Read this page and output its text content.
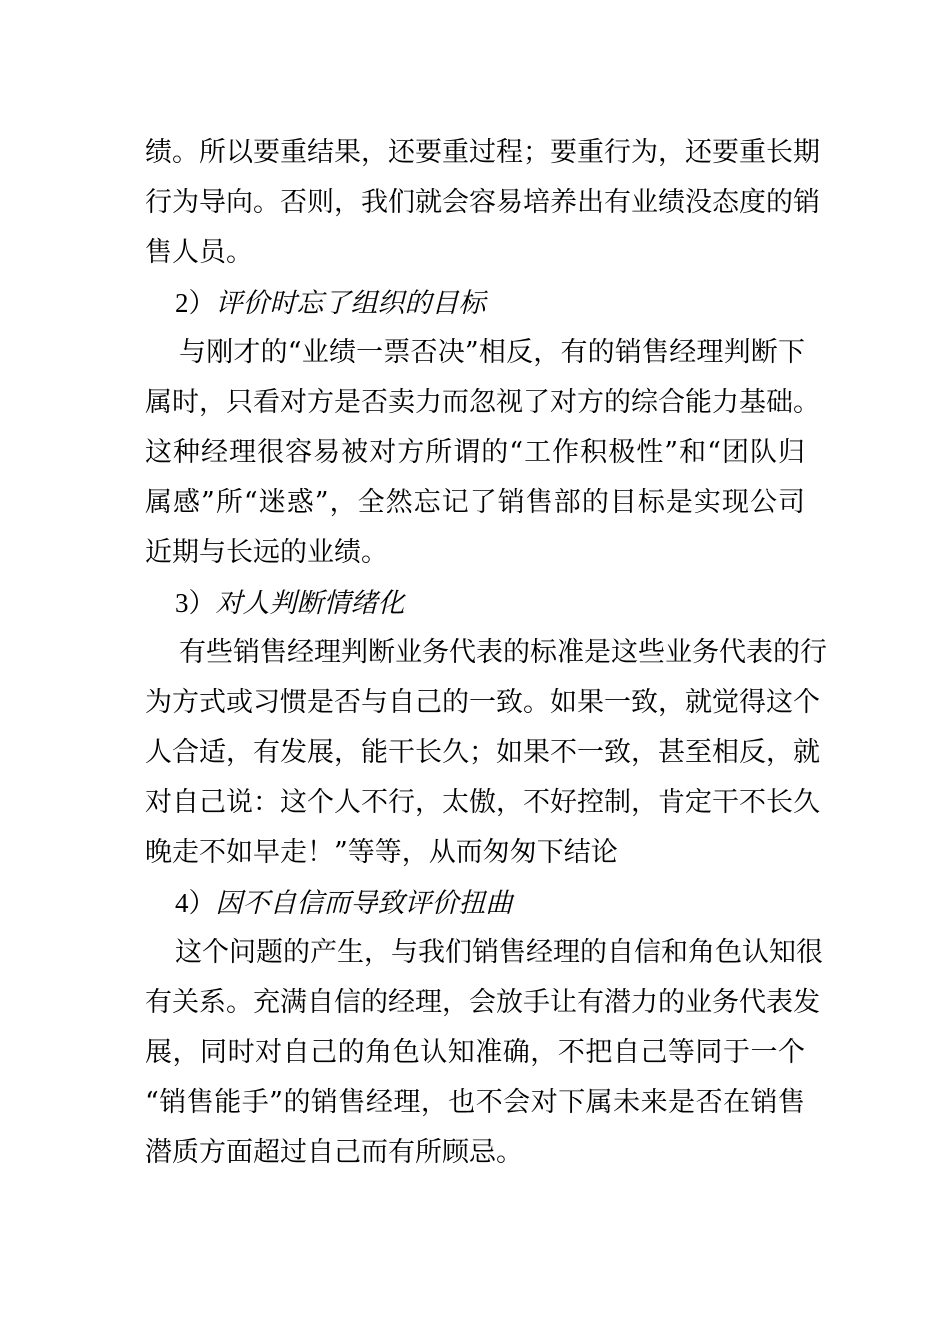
绩。所以要重结果，还要重过程；要重行为，还要重长期
行为导向。否则，我们就会容易培养出有业绩没态度的销
售人员。
2）评价时忘了组织的目标
与刚才的“业绩一票否决”相反，有的销售经理判断下
属时，只看对方是否卖力而忽视了对方的综合能力基础。
这种经理很容易被对方所谓的“工作积极性”和“团队归
属感”所“迷惑”，全然忘记了销售部的目标是实现公司
近期与长远的业绩。
3）对人判断情绪化
有些销售经理判断业务代表的标准是这些业务代表的行
为方式或习惯是否与自己的一致。如果一致，就觉得这个
人合适，有发展，能干长久；如果不一致，甚至相反，就
对自己说：这个人不行，太傲，不好控制，肯定干不长久
晚走不如早走！”等等，从而匆匆下结论
4）因不自信而导致评价扭曲
这个问题的产生，与我们销售经理的自信和角色认知很
有关系。充满自信的经理，会放手让有潜力的业务代表发
展，同时对自己的角色认知准确，不把自己等同于一个
“销售能手”的销售经理，也不会对下属未来是否在销售
潜质方面超过自己而有所顾忌。
